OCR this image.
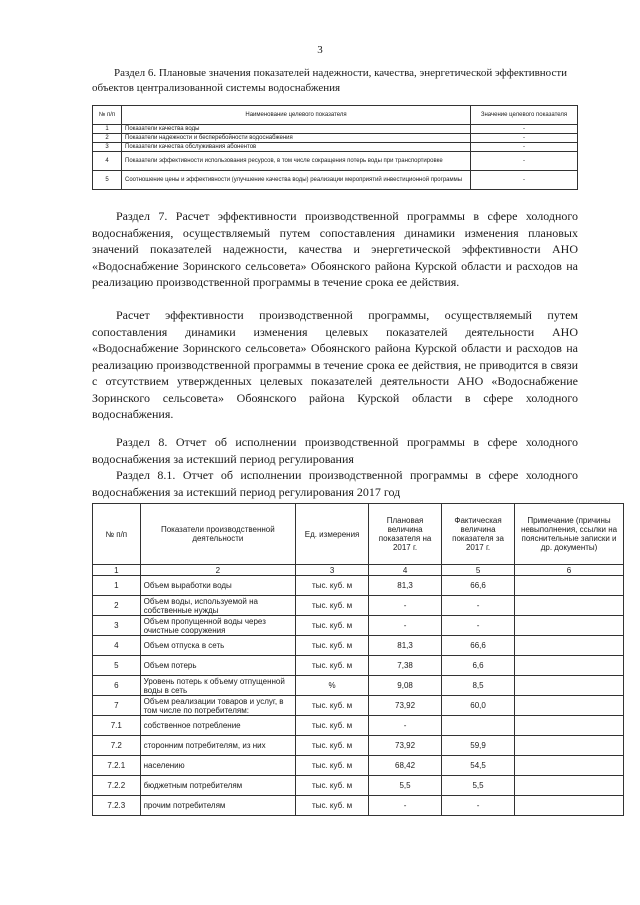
3
Раздел 6. Плановые значения показателей надежности, качества, энергетической эффективности объектов централизованной системы водоснабжения
№ п/п	Наименование целевого показателя	Значение целевого показателя
1	Показатели качества воды	-
2	Показатели надежности и бесперебойности водоснабжения	-
3	Показатели качества обслуживания абонентов	-
4	Показатели эффективности использования ресурсов, в том числе сокращения потерь воды при транспортировке	-
5	Соотношение цены и эффективности (улучшение качества воды) реализации мероприятий инвестиционной программы	-

Раздел 7. Расчет эффективности производственной программы в сфере холодного водоснабжения, осуществляемый путем сопоставления динамики изменения плановых значений показателей надежности, качества и энергетической эффективности АНО «Водоснабжение Зоринского сельсовета» Обоянского района Курской области и расходов на реализацию производственной программы в течение срока ее действия.

Расчет эффективности производственной программы, осуществляемый путем сопоставления динамики изменения целевых показателей деятельности АНО «Водоснабжение Зоринского сельсовета» Обоянского района Курской области и расходов на реализацию производственной программы в течение срока ее действия, не приводится в связи с отсутствием утвержденных целевых показателей деятельности АНО «Водоснабжение Зоринского сельсовета» Обоянского района Курской области в сфере холодного водоснабжения.

Раздел 8. Отчет об исполнении производственной программы в сфере холодного водоснабжения за истекший период регулирования

Раздел 8.1. Отчет об исполнении производственной программы в сфере холодного водоснабжения за истекший период регулирования 2017 год

№ п/п	Показатели производственной деятельности	Ед. измерения	Плановая величина показателя на 2017 г.	Фактическая величина показателя за 2017 г.	Примечание (причины невыполнения, ссылки на пояснительные записки и др. документы)
1	2	3	4	5	6
1	Объем выработки воды	тыс. куб. м	81,3	66,6	
2	Объем воды, используемой на собственные нужды	тыс. куб. м	-	-	
3	Объем пропущенной воды через очистные сооружения	тыс. куб. м	-	-	
4	Объем отпуска в сеть	тыс. куб. м	81,3	66,6	
5	Объем потерь	тыс. куб. м	7,38	6,6	
6	Уровень потерь к объему отпущенной воды в сеть	%	9,08	8,5	
7	Объем реализации товаров и услуг, в том числе по потребителям:	тыс. куб. м	73,92	60,0	
7.1	собственное потребление	тыс. куб. м	-		
7.2	сторонним потребителям, из них	тыс. куб. м	73,92	59,9	
7.2.1	населению	тыс. куб. м	68,42	54,5	
7.2.2	бюджетным потребителям	тыс. куб. м	5,5	5,5	
7.2.3	прочим потребителям	тыс. куб. м	-	-	
